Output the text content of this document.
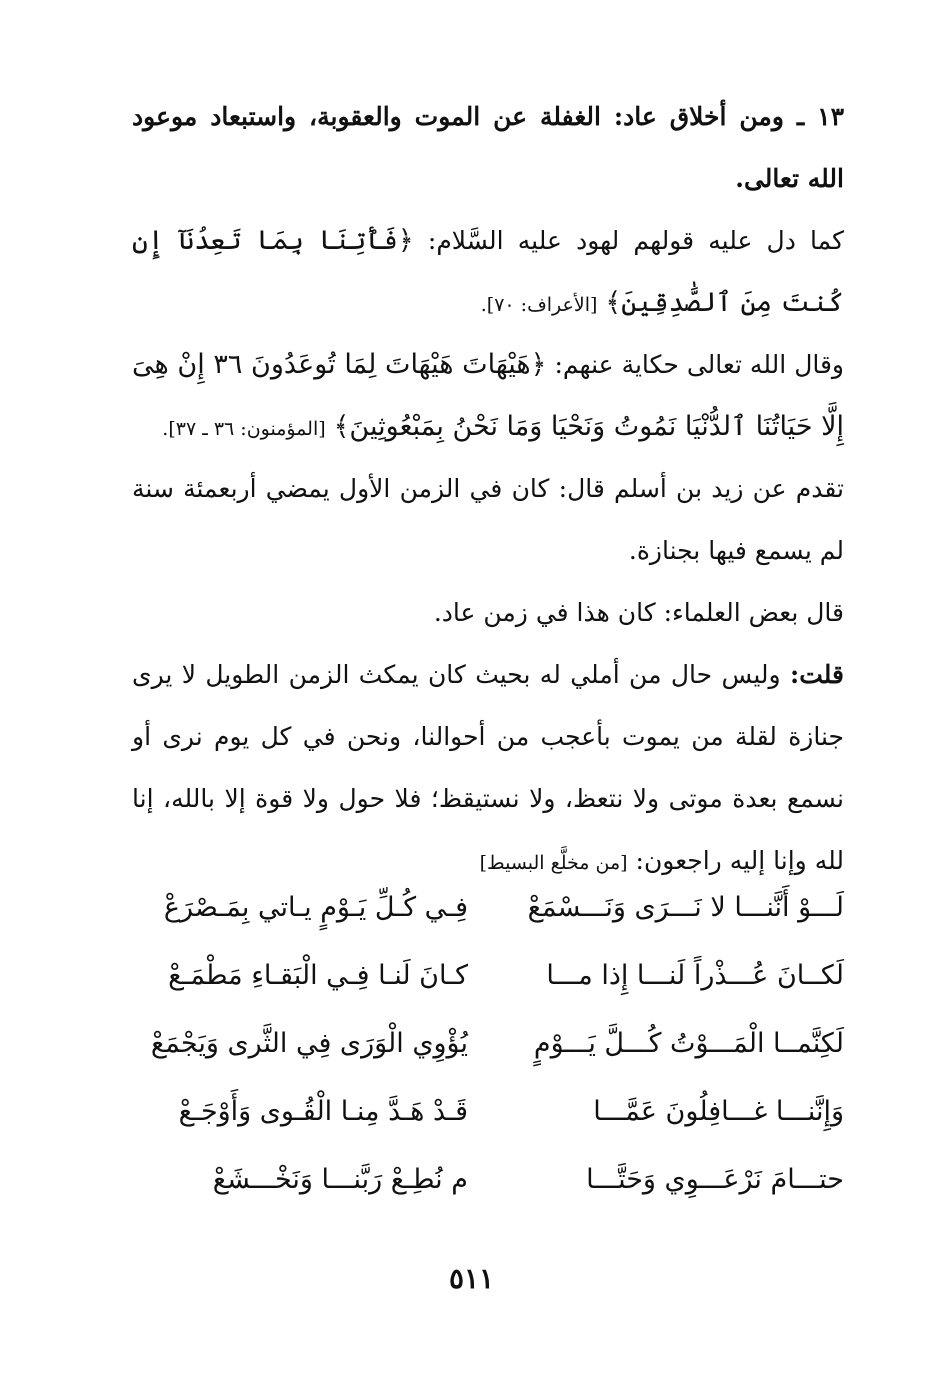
١٣ ـ ومن أخلاق عاد: الغفلة عن الموت والعقوبة، واستبعاد موعود الله تعالى.
كما دل عليه قولهم لهود عليه السَّلام: ﴿فَأْتِنَا بِمَا تَعِدُنَآ إِن كُنتَ مِنَ ٱلصَّٰدِقِينَ﴾ [الأعراف: ٧٠].
وقال الله تعالى حكاية عنهم: ﴿هَيْهَاتَ هَيْهَاتَ لِمَا تُوعَدُونَ ٣٦ إِنْ هِىَ إِلَّا حَيَاتُنَا ٱلدُّنْيَا نَمُوتُ وَنَحْيَا وَمَا نَحْنُ بِمَبْعُوثِينَ﴾ [المؤمنون: ٣٦ ـ ٣٧].
تقدم عن زيد بن أسلم قال: كان في الزمن الأول يمضي أربعمئة سنة لم يسمع فيها بجنازة.
قال بعض العلماء: كان هذا في زمن عاد.
قلت: وليس حال من أملي له بحيث كان يمكث الزمن الطويل لا يرى جنازة لقلة من يموت بأعجب من أحوالنا، ونحن في كل يوم نرى أو نسمع بعدة موتى ولا نتعظ، ولا نستيقظ؛ فلا حول ولا قوة إلا بالله، إنا لله وإنا إليه راجعون: [من مخلَّع البسيط]
لَـــوْ أَنَّنـــا لا نَـــرَى وَنَـــسْمَعْ
فِـي كُـلِّ يَـوْمٍ يـاتي بِمَـصْرَعْ
لَكــانَ عُـــذْراً لَنـــا إِذا مـــا
كـانَ لَنـا فِـي الْبَقـاءِ مَطْمَـعْ
لَكِنَّمــا الْمَـــوْتُ كُـــلَّ يَـــوْمٍ
يُؤْوِي الْوَرَى فِي الثَّرى وَيَجْمَعْ
وَإِنَّنـــا غـــافِلُونَ عَمَّـــا
قَـدْ هَـدَّ مِنـا الْقُـوى وَأَوْجَـعْ
حتـــامَ نَرْعَـــوِي وَحَتَّـــا
م نُطِـعْ رَبَّنـــا وَنَخْـــشَعْ
٥١١
